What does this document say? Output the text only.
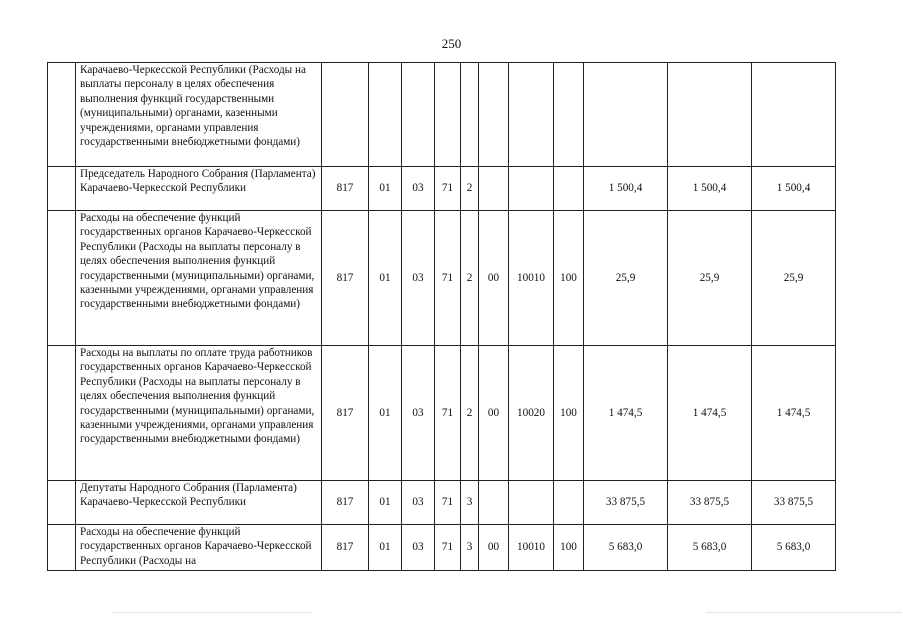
250
	Карачаево-Черкесской Республики (Расходы на выплаты персоналу в целях обеспечения выполнения функций государственными (муниципальными) органами, казенными учреждениями, органами управления государственными внебюджетными фондами)											
	Председатель Народного Собрания (Парламента) Карачаево-Черкесской Республики	817	01	03	71	2				1 500,4	1 500,4	1 500,4
	Расходы на обеспечение функций государственных органов Карачаево-Черкесской Республики (Расходы на выплаты персоналу в целях обеспечения выполнения функций государственными (муниципальными) органами, казенными учреждениями, органами управления государственными внебюджетными фондами)	817	01	03	71	2	00	10010	100	25,9	25,9	25,9
	Расходы на выплаты по оплате труда работников государственных органов Карачаево-Черкесской Республики (Расходы на выплаты персоналу в целях обеспечения выполнения функций государственными (муниципальными) органами, казенными учреждениями, органами управления государственными внебюджетными фондами)	817	01	03	71	2	00	10020	100	1 474,5	1 474,5	1 474,5
	Депутаты Народного Собрания (Парламента) Карачаево-Черкесской Республики	817	01	03	71	3				33 875,5	33 875,5	33 875,5
	Расходы на обеспечение функций государственных органов Карачаево-Черкесской Республики (Расходы на	817	01	03	71	3	00	10010	100	5 683,0	5 683,0	5 683,0
